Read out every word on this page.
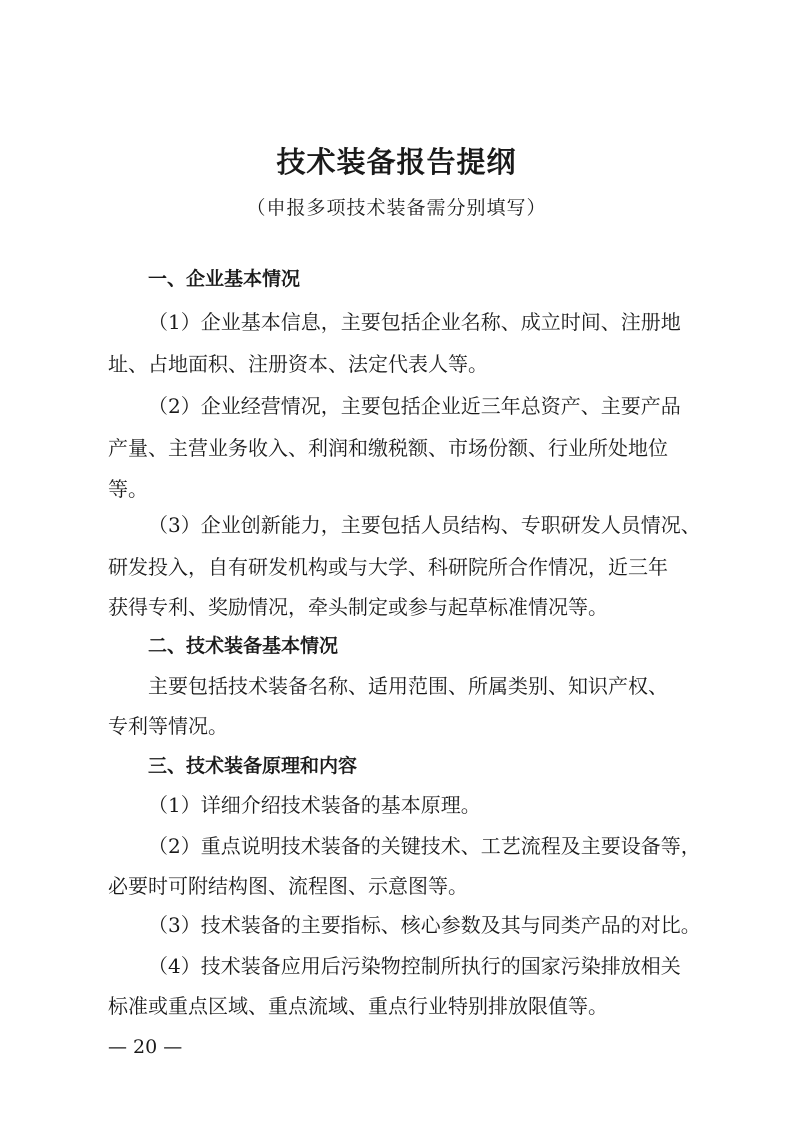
技术装备报告提纲
（申报多项技术装备需分别填写）
一、企业基本情况
（1）企业基本信息，主要包括企业名称、成立时间、注册地
址、占地面积、注册资本、法定代表人等。
（2）企业经营情况，主要包括企业近三年总资产、主要产品
产量、主营业务收入、利润和缴税额、市场份额、行业所处地位
等。
（3）企业创新能力，主要包括人员结构、专职研发人员情况、
研发投入，自有研发机构或与大学、科研院所合作情况，近三年
获得专利、奖励情况，牵头制定或参与起草标准情况等。
二、技术装备基本情况
主要包括技术装备名称、适用范围、所属类别、知识产权、
专利等情况。
三、技术装备原理和内容
（1）详细介绍技术装备的基本原理。
（2）重点说明技术装备的关键技术、工艺流程及主要设备等，
必要时可附结构图、流程图、示意图等。
（3）技术装备的主要指标、核心参数及其与同类产品的对比。
（4）技术装备应用后污染物控制所执行的国家污染排放相关
标准或重点区域、重点流域、重点行业特别排放限值等。
— 20 —
